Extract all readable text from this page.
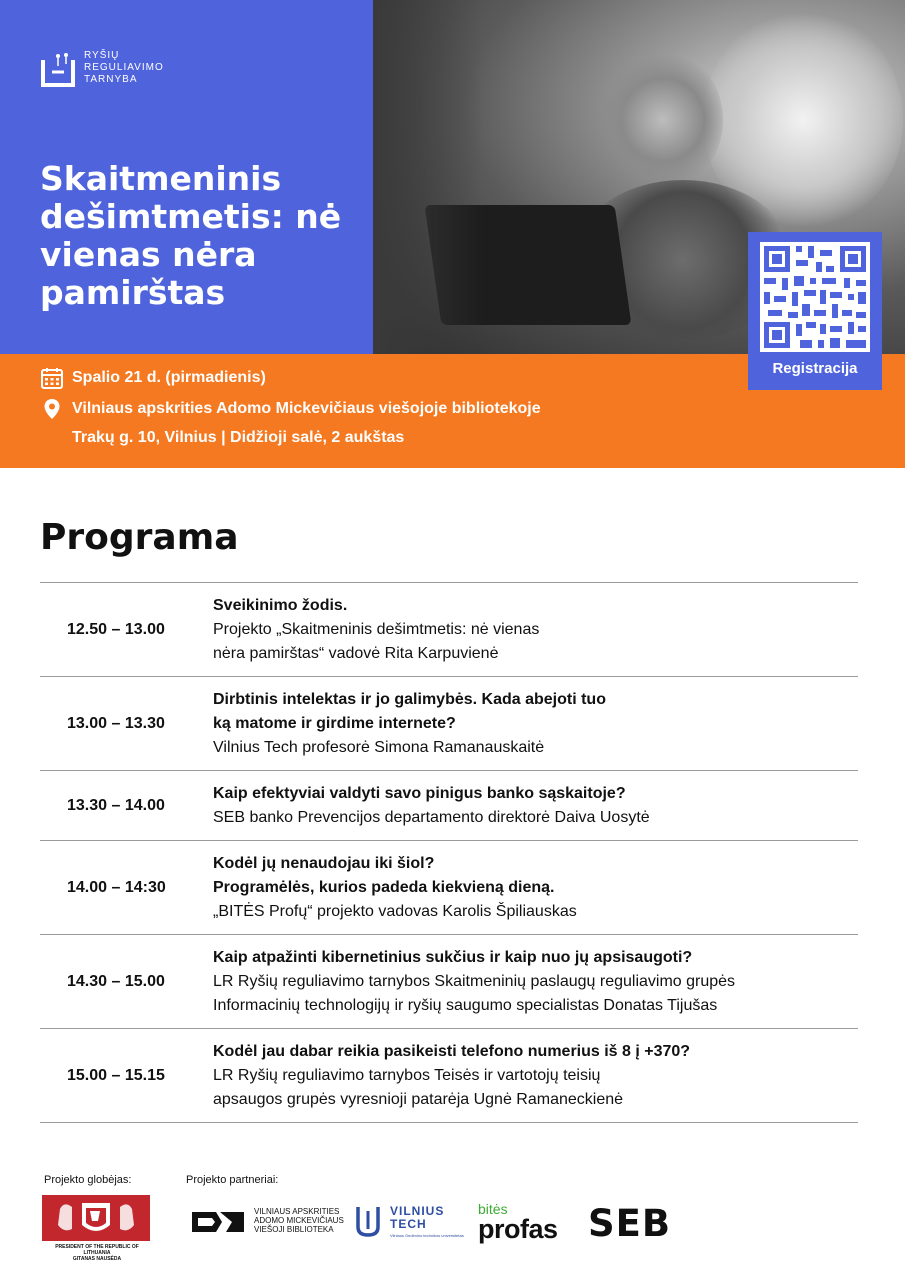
RYŠIŲ
REGULIAVIMO
TARNYBA
Skaitmeninis dešimtmetis: nė vienas nėra pamirštas
Spalio 21 d. (pirmadienis)
Vilniaus apskrities Adomo Mickevičiaus viešojoje bibliotekoje
Trakų g. 10, Vilnius | Didžioji salė, 2 aukštas
Registracija
Programa
12.50 – 13.00
Sveikinimo žodis.
Projekto „Skaitmeninis dešimtmetis: nė vienas
nėra pamirštas“ vadovė Rita Karpuvienė
13.00 – 13.30
Dirbtinis intelektas ir jo galimybės. Kada abejoti tuo
ką matome ir girdime internete?
Vilnius Tech profesorė Simona Ramanauskaitė
13.30 – 14.00
Kaip efektyviai valdyti savo pinigus banko sąskaitoje?
SEB banko Prevencijos departamento direktorė Daiva Uosytė
14.00 – 14:30
Kodėl jų nenaudojau iki šiol?
Programėlės, kurios padeda kiekvieną dieną.
„BITĖS Profų“ projekto vadovas Karolis Špiliauskas
14.30 – 15.00
Kaip atpažinti kibernetinius sukčius ir kaip nuo jų apsisaugoti?
LR Ryšių reguliavimo tarnybos Skaitmeninių paslaugų reguliavimo grupės
Informacinių technologijų ir ryšių saugumo specialistas Donatas Tijušas
15.00 – 15.15
Kodėl jau dabar reikia pasikeisti telefono numerius iš 8 į +370?
LR Ryšių reguliavimo tarnybos Teisės ir vartotojų teisių
apsaugos grupės vyresnioji patarėja Ugnė Ramaneckienė
Projekto globėjas:	Projekto partneriai:
PRESIDENT OF THE REPUBLIC OF LITHUANIA
GITANAS NAUSĖDA
VILNIAUS APSKRITIES
ADOMO MICKEVIČIAUS
VIEŠOJI BIBLIOTEKA
VILNIUS
TECH
Vilniaus Gedimino technikos universitetas
bitės
profas SEB
